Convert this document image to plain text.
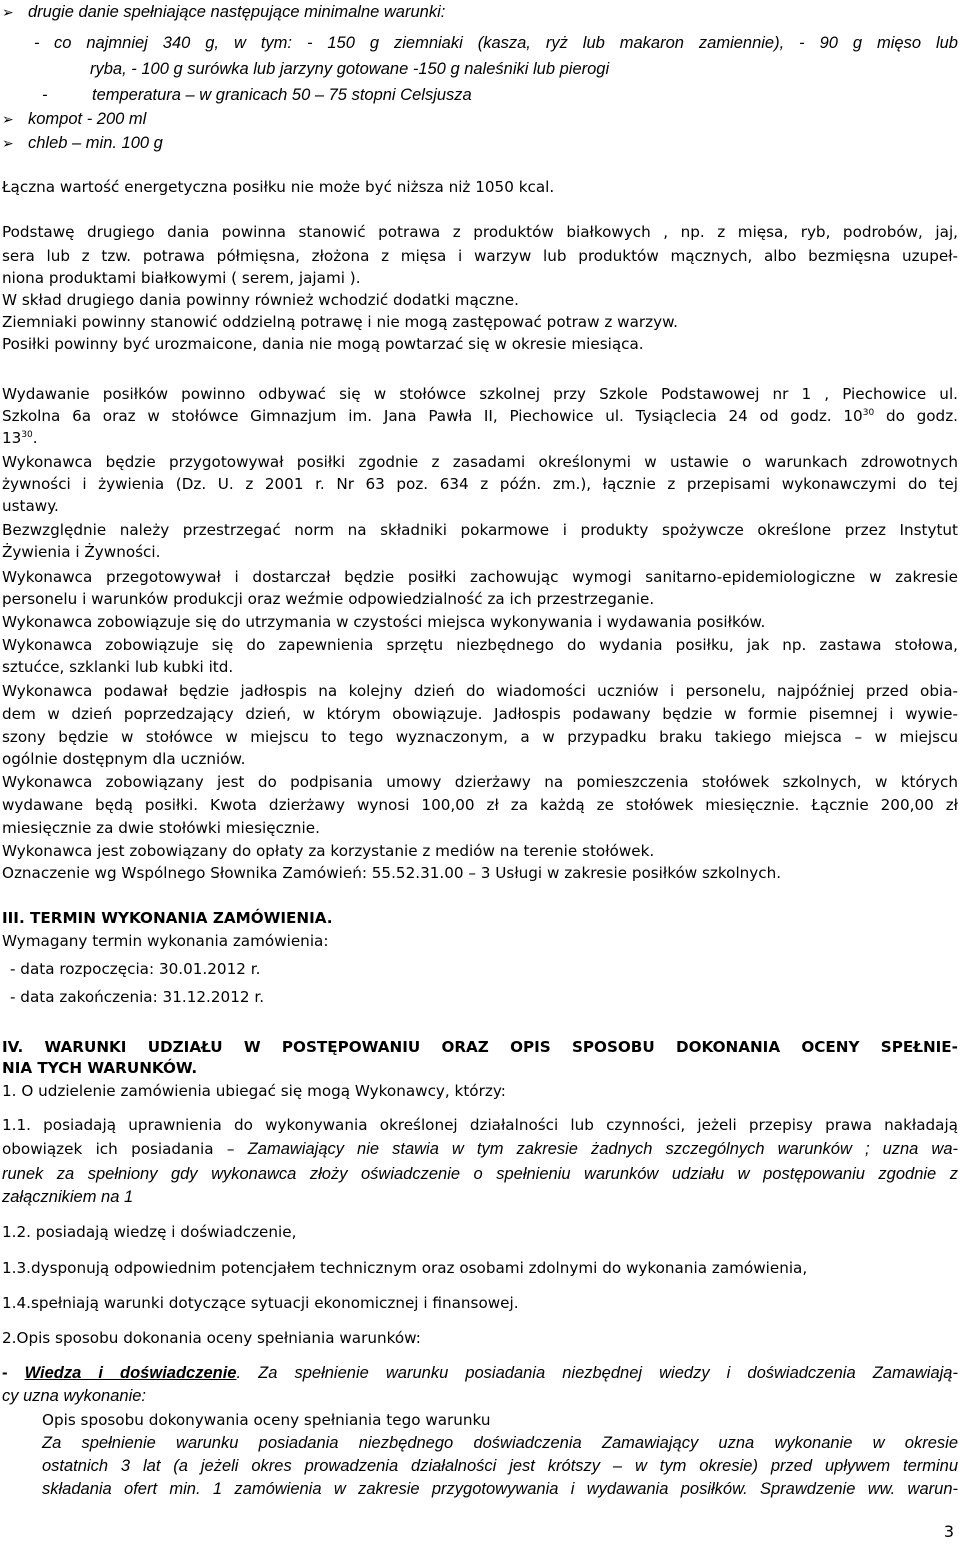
➢ drugie danie spełniające następujące minimalne warunki:
- co najmniej 340 g, w tym: - 150 g ziemniaki (kasza, ryż lub makaron zamiennie), - 90 g mięso lub
ryba, - 100 g surówka lub jarzyny gotowane -150 g naleśniki lub pierogi
-	temperatura – w granicach 50 – 75 stopni Celsjusza
➢ kompot - 200 ml
➢ chleb – min. 100 g
Łączna wartość energetyczna posiłku nie może być niższa niż 1050 kcal.
Podstawę drugiego dania powinna stanowić potrawa z produktów białkowych , np. z mięsa, ryb, podrobów, jaj,
sera lub z tzw. potrawa półmięsna, złożona z mięsa i warzyw lub produktów mącznych, albo bezmięsna uzupeł-
niona produktami białkowymi ( serem, jajami ).
W skład drugiego dania powinny również wchodzić dodatki mączne.
Ziemniaki powinny stanowić oddzielną potrawę i nie mogą zastępować potraw z warzyw.
Posiłki powinny być urozmaicone, dania nie mogą powtarzać się w okresie miesiąca.
Wydawanie posiłków powinno odbywać się w stołówce szkolnej przy Szkole Podstawowej nr 1 , Piechowice ul.
Szkolna 6a oraz w stołówce Gimnazjum im. Jana Pawła II, Piechowice ul. Tysiąclecia 24 od godz. $10^{30}$ do godz.
$13^{30}$.
Wykonawca będzie przygotowywał posiłki zgodnie z zasadami określonymi w ustawie o warunkach zdrowotnych
żywności i żywienia (Dz. U. z 2001 r. Nr 63 poz. 634 z późn. zm.), łącznie z przepisami wykonawczymi do tej
ustawy.
Bezwzględnie należy przestrzegać norm na składniki pokarmowe i produkty spożywcze określone przez Instytut
Żywienia i Żywności.
Wykonawca przegotowywał i dostarczał będzie posiłki zachowując wymogi sanitarno-epidemiologiczne w zakresie
personelu i warunków produkcji oraz weźmie odpowiedzialność za ich przestrzeganie.
Wykonawca zobowiązuje się do utrzymania w czystości miejsca wykonywania i wydawania posiłków.
Wykonawca zobowiązuje się do zapewnienia sprzętu niezbędnego do wydania posiłku, jak np. zastawa stołowa,
sztućce, szklanki lub kubki itd.
Wykonawca podawał będzie jadłospis na kolejny dzień do wiadomości uczniów i personelu, najpóźniej przed obia-
dem w dzień poprzedzający dzień, w którym obowiązuje. Jadłospis podawany będzie w formie pisemnej i wywie-
szony będzie w stołówce w miejscu to tego wyznaczonym, a w przypadku braku takiego miejsca – w miejscu
ogólnie dostępnym dla uczniów.
Wykonawca zobowiązany jest do podpisania umowy dzierżawy na pomieszczenia stołówek szkolnych, w których
wydawane będą posiłki. Kwota dzierżawy wynosi 100,00 zł za każdą ze stołówek miesięcznie. Łącznie 200,00 zł
miesięcznie za dwie stołówki miesięcznie.
Wykonawca jest zobowiązany do opłaty za korzystanie z mediów na terenie stołówek.
Oznaczenie wg Wspólnego Słownika Zamówień: 55.52.31.00 – 3 Usługi w zakresie posiłków szkolnych.
III. TERMIN WYKONANIA ZAMÓWIENIA.
Wymagany termin wykonania zamówienia:
- data rozpoczęcia: 30.01.2012 r.
- data zakończenia: 31.12.2012 r.
IV. WARUNKI UDZIAŁU W POSTĘPOWANIU ORAZ OPIS SPOSOBU DOKONANIA OCENY SPEŁNIE-
NIA TYCH WARUNKÓW.
1. O udzielenie zamówienia ubiegać się mogą Wykonawcy, którzy:
1.1. posiadają uprawnienia do wykonywania określonej działalności lub czynności, jeżeli przepisy prawa nakładają
obowiązek ich posiadania – Zamawiający nie stawia w tym zakresie żadnych szczególnych warunków ; uzna wa-
runek za spełniony gdy wykonawca złoży oświadczenie o spełnieniu warunków udziału w postępowaniu zgodnie z
załącznikiem na 1
1.2. posiadają wiedzę i doświadczenie,
1.3.dysponują odpowiednim potencjałem technicznym oraz osobami zdolnymi do wykonania zamówienia,
1.4.spełniają warunki dotyczące sytuacji ekonomicznej i finansowej.
2.Opis sposobu dokonania oceny spełniania warunków:
- Wiedza i doświadczenie. Za spełnienie warunku posiadania niezbędnej wiedzy i doświadczenia Zamawiają-
cy uzna wykonanie:
Opis sposobu dokonywania oceny spełniania tego warunku
Za spełnienie warunku posiadania niezbędnego doświadczenia Zamawiający uzna wykonanie w okresie
ostatnich 3 lat (a jeżeli okres prowadzenia działalności jest krótszy – w tym okresie) przed upływem terminu
składania ofert min. 1 zamówienia w zakresie przygotowywania i wydawania posiłków. Sprawdzenie ww. warun-
3
